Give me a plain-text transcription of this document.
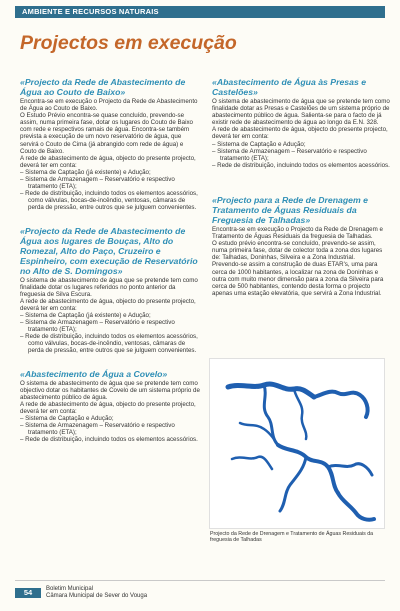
AMBIENTE E RECURSOS NATURAIS
Projectos em execução
«Projecto da Rede de Abastecimento de Água ao Couto de Baixo»

Encontra-se em execução o Projecto da Rede de Abastecimento de Água ao Couto de Baixo.

O Estudo Prévio encontra-se quase concluído, prevendo-se assim, numa primeira fase, dotar os lugares do Couto de Baixo com rede e respectivos ramais de água. Encontra-se também prevista a execução de um novo reservatório de água, que servirá o Couto de Cima (já abrangido com rede de água) e Couto de Baixo.

A rede de abastecimento de água, objecto do presente projecto, deverá ter em conta:

– Sistema de Captação (já existente) e Adução;

– Sistema de Armazenagem – Reservatório e respectivo tratamento (ETA);

– Rede de distribuição, incluindo todos os elementos acessórios, como válvulas, bocas-de-incêndio, ventosas, câmaras de perda de pressão, entre outros que se julguem convenientes.

«Projecto da Rede de Abastecimento de Água aos lugares de Bouças, Alto do Romezal, Alto do Paço, Cruzeiro e Espinheiro, com execução de Reservatório no Alto de S. Domingos»

O sistema de abastecimento de água que se pretende tem como finalidade dotar os lugares referidos no ponto anterior da freguesia de Silva Escura.

A rede de abastecimento de água, objecto do presente projecto, deverá ter em conta:

– Sistema de Captação (já existente) e Adução;

– Sistema de Armazenagem – Reservatório e respectivo tratamento (ETA);

– Rede de distribuição, incluindo todos os elementos acessórios, como válvulas, bocas-de-incêndio, ventosas, câmaras de perda de pressão, entre outros que se julguem convenientes.

«Abastecimento de Água a Covelo»

O sistema de abastecimento de água que se pretende tem como objectivo dotar os habitantes de Covelo de um sistema próprio de abastecimento público de água.

A rede de abastecimento de água, objecto do presente projecto, deverá ter em conta:

– Sistema de Captação e Adução;

– Sistema de Armazenagem – Reservatório e respectivo tratamento (ETA);

– Rede de distribuição, incluindo todos os elementos acessórios.

«Abastecimento de Água às Presas e Castelões»

O sistema de abastecimento de água que se pretende tem como finalidade dotar as Presas e Castelões de um sistema próprio de abastecimento público de água. Salienta-se para o facto de já existir rede de abastecimento de água ao longo da E.N. 328.

A rede de abastecimento de água, objecto do presente projecto, deverá ter em conta:

– Sistema de Captação e Adução;

– Sistema de Armazenagem – Reservatório e respectivo tratamento (ETA);

– Rede de distribuição, incluindo todos os elementos acessórios.

«Projecto para a Rede de Drenagem e Tratamento de Águas Residuais da Freguesia de Talhadas»

Encontra-se em execução o Projecto da Rede de Drenagem e Tratamento de Águas Residuais da freguesia de Talhadas.

O estudo prévio encontra-se concluído, prevendo-se assim, numa primeira fase, dotar de colector toda a zona dos lugares de: Talhadas, Doninhas, Silveira e a Zona Industrial.

Prevendo-se assim a construção de duas ETAR's, uma para cerca de 1000 habitantes, a localizar na zona de Doninhas e outra com muito menor dimensão para a zona da Silveira para cerca de 500 habitantes, contendo desta forma o projecto apenas uma estação elevatória, que servirá a Zona Industrial.

Projecto da Rede de Drenagem e Tratamento de Águas Residuais da freguesia de Talhadas
54	Boletim Municipal
Câmara Municipal de Sever do Vouga
